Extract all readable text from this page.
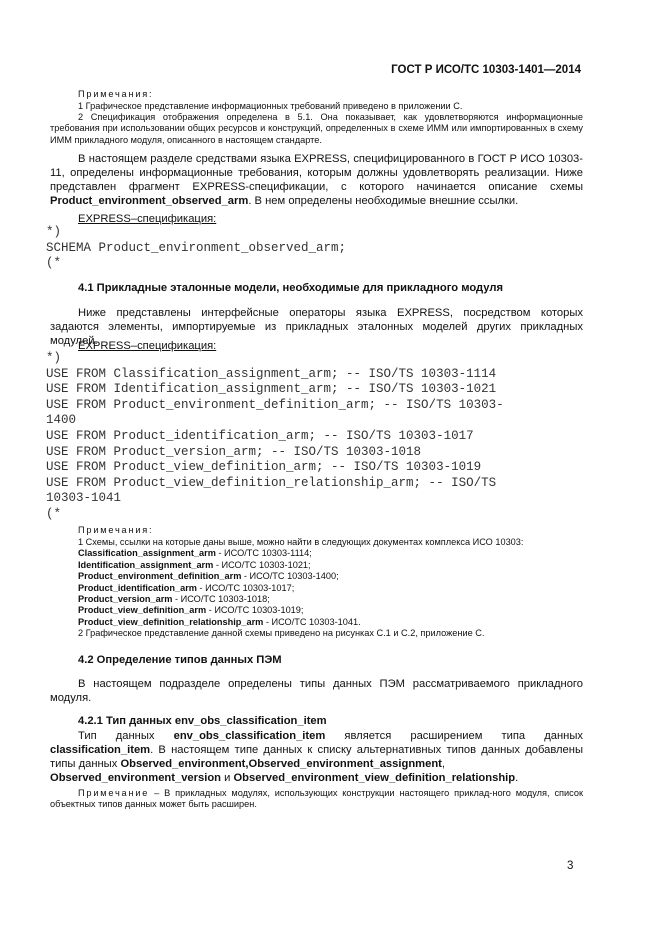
ГОСТ Р ИСО/ТС 10303-1401—2014
Примечания:
1 Графическое представление информационных требований приведено в приложении С.
2 Спецификация отображения определена в 5.1. Она показывает, как удовлетворяются информационные требования при использовании общих ресурсов и конструкций, определенных в схеме ИММ или импортированных в схему ИММ прикладного модуля, описанного в настоящем стандарте.
В настоящем разделе средствами языка EXPRESS, специфицированного в ГОСТ Р ИСО 10303-11, определены информационные требования, которым должны удовлетворять реализации. Ниже представлен фрагмент EXPRESS-спецификации, с которого начинается описание схемы Product_environment_observed_arm. В нем определены необходимые внешние ссылки.
EXPRESS–спецификация:
*)
SCHEMA Product_environment_observed_arm;
(*
4.1 Прикладные эталонные модели, необходимые для прикладного модуля
Ниже представлены интерфейсные операторы языка EXPRESS, посредством которых задаются элементы, импортируемые из прикладных эталонных моделей других прикладных модулей.
EXPRESS–спецификация:
*)
USE FROM Classification_assignment_arm; -- ISO/TS 10303-1114
USE FROM Identification_assignment_arm; -- ISO/TS 10303-1021
USE FROM Product_environment_definition_arm; -- ISO/TS 10303-
1400
USE FROM Product_identification_arm; -- ISO/TS 10303-1017
USE FROM Product_version_arm; -- ISO/TS 10303-1018
USE FROM Product_view_definition_arm; -- ISO/TS 10303-1019
USE FROM Product_view_definition_relationship_arm; -- ISO/TS
10303-1041
(*
Примечания:
1 Схемы, ссылки на которые даны выше, можно найти в следующих документах комплекса ИСО 10303:
Classification_assignment_arm - ИСО/ТС 10303-1114;
Identification_assignment_arm - ИСО/ТС 10303-1021;
Product_environment_definition_arm - ИСО/ТС 10303-1400;
Product_identification_arm - ИСО/ТС 10303-1017;
Product_version_arm - ИСО/ТС 10303-1018;
Product_view_definition_arm - ИСО/ТС 10303-1019;
Product_view_definition_relationship_arm - ИСО/ТС 10303-1041.
2 Графическое представление данной схемы приведено на рисунках С.1 и С.2, приложение С.
4.2 Определение типов данных ПЭМ
В настоящем подразделе определены типы данных ПЭМ рассматриваемого прикладного модуля.
4.2.1 Тип данных env_obs_classification_item
Тип данных env_obs_classification_item является расширением типа данных
classification_item. В настоящем типе данных к списку альтернативных типов данных добавлены
типы данных Observed_environment,Observed_environment_assignment,
Observed_environment_version и Observed_environment_view_definition_relationship.
Примечание – В прикладных модулях, использующих конструкции настоящего приклад-ного модуля, список объектных типов данных может быть расширен.
3
